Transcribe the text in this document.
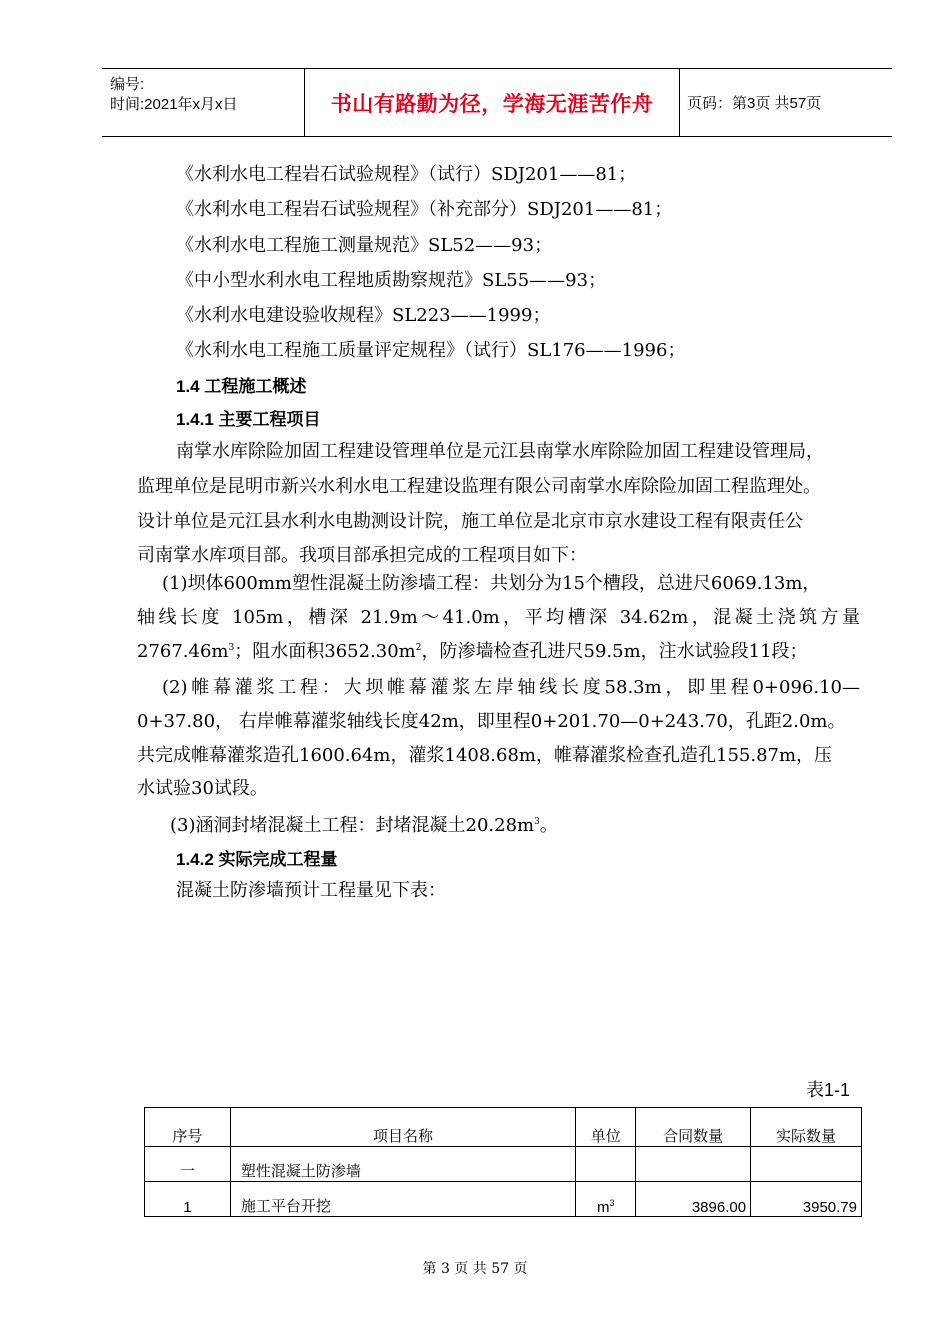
编号:
时间:2021年x月x日	书山有路勤为径，学海无涯苦作舟	页码：第3页 共57页
《水利水电工程岩石试验规程》（试行）SDJ201——81；
《水利水电工程岩石试验规程》（补充部分）SDJ201——81；
《水利水电工程施工测量规范》SL52——93；
《中小型水利水电工程地质勘察规范》SL55——93；
《水利水电建设验收规程》SL223——1999；
《水利水电工程施工质量评定规程》（试行）SL176——1996；
1.4 工程施工概述
1.4.1 主要工程项目
南掌水库除险加固工程建设管理单位是元江县南掌水库除险加固工程建设管理局，
监理单位是昆明市新兴水利水电工程建设监理有限公司南掌水库除险加固工程监理处。
设计单位是元江县水利水电勘测设计院，施工单位是北京市京水建设工程有限责任公
司南掌水库项目部。我项目部承担完成的工程项目如下：
(1)坝体600mm塑性混凝土防渗墙工程：共划分为15个槽段，总进尺6069.13m，
轴线长度 105m，槽深 21.9m～41.0m，平均槽深 34.62m，混凝土浇筑方量
$2767.46m^3$；阻水面积$3652.30m^2$，防渗墙检查孔进尺59.5m，注水试验段11段；
(2)帷幕灌浆工程：大坝帷幕灌浆左岸轴线长度58.3m，即里程0+096.10—
0+37.80， 右岸帷幕灌浆轴线长度42m，即里程0+201.70—0+243.70，孔距2.0m。
共完成帷幕灌浆造孔1600.64m，灌浆1408.68m，帷幕灌浆检查孔造孔155.87m，压
水试验30试段。
(3)涵洞封堵混凝土工程：封堵混凝土$20.28m^3$。
1.4.2 实际完成工程量
混凝土防渗墙预计工程量见下表：
表1-1
序号	项目名称	单位	合同数量	实际数量
一	塑性混凝土防渗墙			
1	施工平台开挖	$m^3$	3896.00	3950.79
第 3 页 共 57 页
